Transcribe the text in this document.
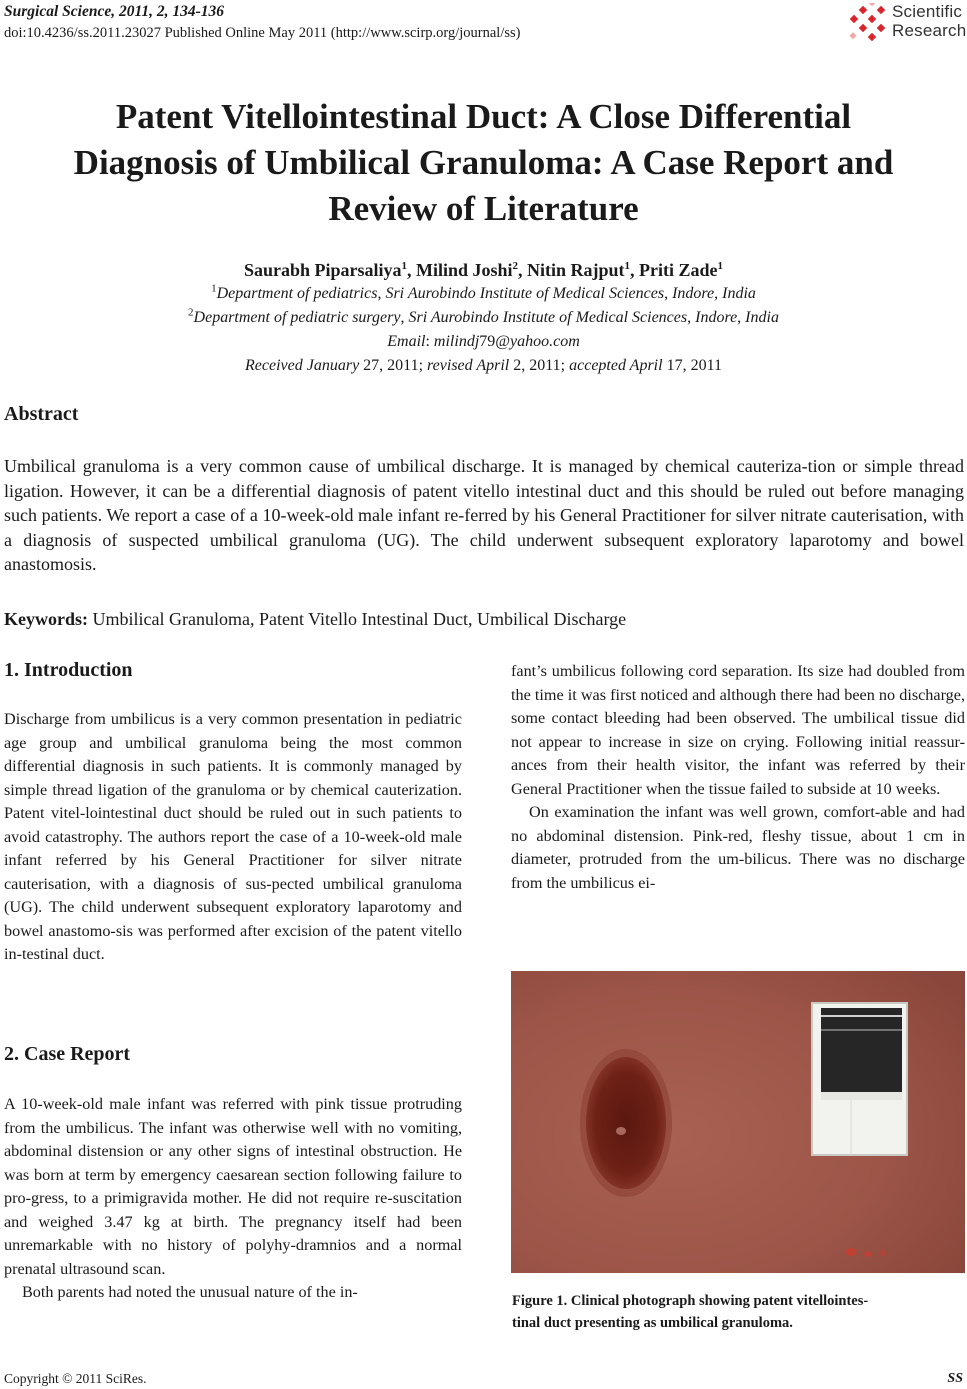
Surgical Science, 2011, 2, 134-136
doi:10.4236/ss.2011.23027 Published Online May 2011 (http://www.scirp.org/journal/ss)
Scientific
Research
Patent Vitellointestinal Duct: A Close Differential
Diagnosis of Umbilical Granuloma: A Case Report and
Review of Literature
Saurabh Piparsaliya$^1$, Milind Joshi$^2$, Nitin Rajput$^1$, Priti Zade$^1$
$^1$Department of pediatrics, Sri Aurobindo Institute of Medical Sciences, Indore, India
$^2$Department of pediatric surgery, Sri Aurobindo Institute of Medical Sciences, Indore, India
Email: milindj79@yahoo.com
Received January 27, 2011; revised April 2, 2011; accepted April 17, 2011
Abstract
Umbilical granuloma is a very common cause of umbilical discharge. It is managed by chemical cauteriza-tion or simple thread ligation. However, it can be a differential diagnosis of patent vitello intestinal duct and this should be ruled out before managing such patients. We report a case of a 10-week-old male infant re-ferred by his General Practitioner for silver nitrate cauterisation, with a diagnosis of suspected umbilical granuloma (UG). The child underwent subsequent exploratory laparotomy and bowel anastomosis.
Keywords: Umbilical Granuloma, Patent Vitello Intestinal Duct, Umbilical Discharge
1. Introduction

Discharge from umbilicus is a very common presentation in pediatric age group and umbilical granuloma being the most common differential diagnosis in such patients. It is commonly managed by simple thread ligation of the granuloma or by chemical cauterization. Patent vitel-lointestinal duct should be ruled out in such patients to avoid catastrophy. The authors report the case of a 10-week-old male infant referred by his General Practitioner for silver nitrate cauterisation, with a diagnosis of sus-pected umbilical granuloma (UG). The child underwent subsequent exploratory laparotomy and bowel anastomo-sis was performed after excision of the patent vitello in-testinal duct.

2. Case Report

A 10-week-old male infant was referred with pink tissue protruding from the umbilicus. The infant was otherwise well with no vomiting, abdominal distension or any other signs of intestinal obstruction. He was born at term by emergency caesarean section following failure to pro-gress, to a primigravida mother. He did not require re-suscitation and weighed 3.47 kg at birth. The pregnancy itself had been unremarkable with no history of polyhy-dramnios and a normal prenatal ultrasound scan.

Both parents had noted the unusual nature of the in-

fant’s umbilicus following cord separation. Its size had doubled from the time it was first noticed and although there had been no discharge, some contact bleeding had been observed. The umbilical tissue did not appear to increase in size on crying. Following initial reassur-ances from their health visitor, the infant was referred by their General Practitioner when the tissue failed to subside at 10 weeks.

On examination the infant was well grown, comfort-able and had no abdominal distension. Pink-red, fleshy tissue, about 1 cm in diameter, protruded from the um-bilicus. There was no discharge from the umbilicus ei-

Figure 1. Clinical photograph showing patent vitellointes-
tinal duct presenting as umbilical granuloma.
Copyright © 2011 SciRes.	SS
